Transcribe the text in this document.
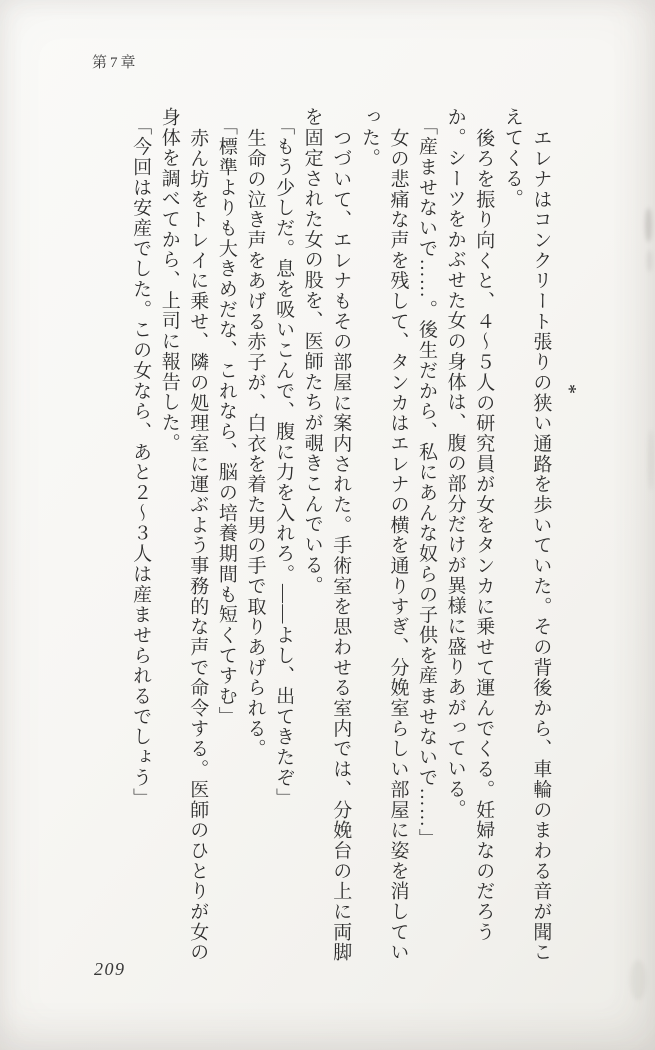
第7章

*

エレナはコンクリート張りの狭い通路を歩いていた。その背後から、車輪のまわる音が聞こえてくる。

後ろを振り向くと、４～５人の研究員が女をタンカに乗せて運んでくる。妊婦なのだろうか。シーツをかぶせた女の身体は、腹の部分だけが異様に盛りあがっている。

「産ませないで……。後生だから、私にあんな奴らの子供を産ませないで……」

女の悲痛な声を残して、タンカはエレナの横を通りすぎ、分娩室らしい部屋に姿を消していった。

つづいて、エレナもその部屋に案内された。手術室を思わせる室内では、分娩台の上に両脚を固定された女の股を、医師たちが覗きこんでいる。

「もう少しだ。息を吸いこんで、腹に力を入れろ。――よし、出てきたぞ」

生命の泣き声をあげる赤子が、白衣を着た男の手で取りあげられる。

「標準よりも大きめだな、これなら、脳の培養期間も短くてすむ」

赤ん坊をトレイに乗せ、隣の処理室に運ぶよう事務的な声で命令する。医師のひとりが女の身体を調べてから、上司に報告した。

「今回は安産でした。この女なら、あと２～３人は産ませられるでしょう」

209
